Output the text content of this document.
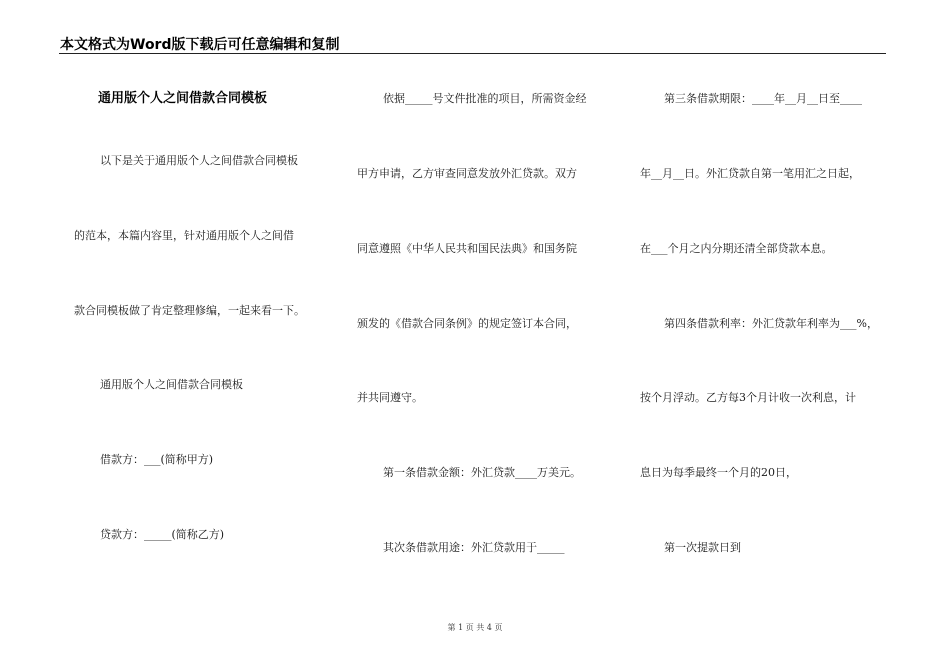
本文格式为Word版下载后可任意编辑和复制
通用版个人之间借款合同模板
以下是关于通用版个人之间借款合同模板
的范本，本篇内容里，针对通用版个人之间借
款合同模板做了肯定整理修编，一起来看一下。
通用版个人之间借款合同模板
借款方：___(简称甲方)
贷款方：_____(简称乙方)
依据_____号文件批准的项目，所需资金经
甲方申请，乙方审查同意发放外汇贷款。双方
同意遵照《中华人民共和国民法典》和国务院
颁发的《借款合同条例》的规定签订本合同，
并共同遵守。
第一条借款金额：外汇贷款____万美元。
其次条借款用途：外汇贷款用于_____
第三条借款期限：____年__月__日至____
年__月__日。外汇贷款自第一笔用汇之日起，
在___个月之内分期还清全部贷款本息。
第四条借款利率：外汇贷款年利率为___%，
按个月浮动。乙方每3个月计收一次利息，计
息日为每季最终一个月的20日，
第一次提款日到
第 1 页 共 4 页
